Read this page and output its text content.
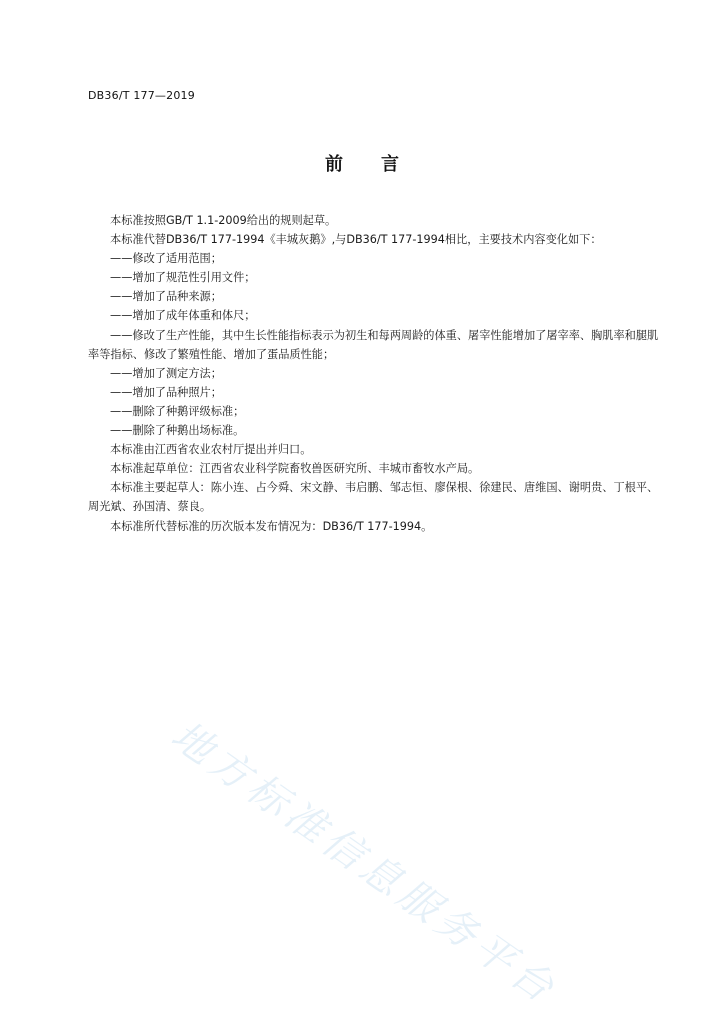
DB36/T 177—2019
前 言

本标准按照GB/T 1.1-2009给出的规则起草。

本标准代替DB36/T 177-1994《丰城灰鹅》,与DB36/T 177-1994相比，主要技术内容变化如下：

——修改了适用范围；

——增加了规范性引用文件；

——增加了品种来源；

——增加了成年体重和体尺；

——修改了生产性能，其中生长性能指标表示为初生和每两周龄的体重、屠宰性能增加了屠宰率、胸肌率和腿肌率等指标、修改了繁殖性能、增加了蛋品质性能；

——增加了测定方法；

——增加了品种照片；

——删除了种鹅评级标准；

——删除了种鹅出场标准。

本标准由江西省农业农村厅提出并归口。

本标准起草单位：江西省农业科学院畜牧兽医研究所、丰城市畜牧水产局。

本标准主要起草人：陈小连、占今舜、宋文静、韦启鹏、邹志恒、廖保根、徐建民、唐维国、谢明贵、丁根平、周光斌、孙国清、蔡良。

本标准所代替标准的历次版本发布情况为：DB36/T 177-1994。

地方标准信息服务平台
